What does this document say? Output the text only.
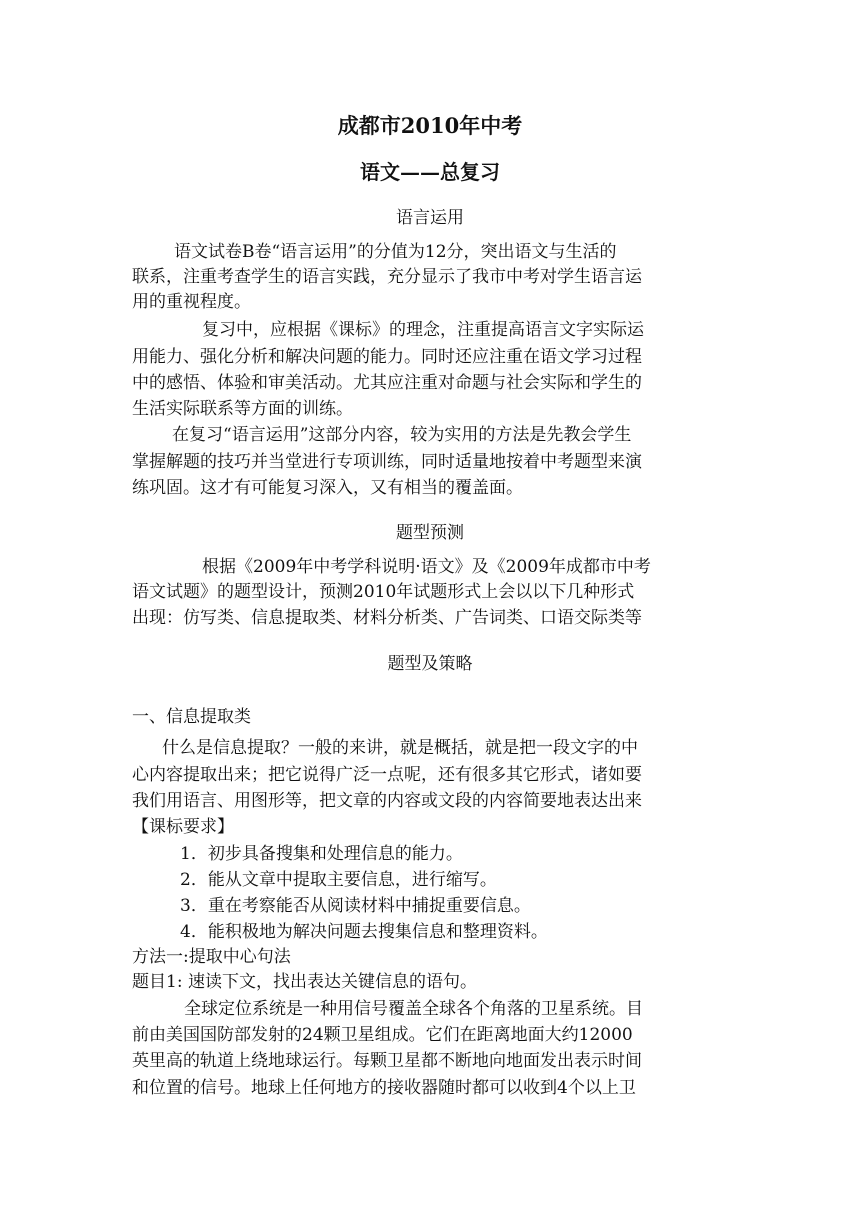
成都市2010年中考
语文——总复习
语言运用
语文试卷B卷“语言运用”的分值为12分，突出语文与生活的
联系，注重考查学生的语言实践，充分显示了我市中考对学生语言运
用的重视程度。
复习中，应根据《课标》的理念，注重提高语言文字实际运
用能力、强化分析和解决问题的能力。同时还应注重在语文学习过程
中的感悟、体验和审美活动。尤其应注重对命题与社会实际和学生的
生活实际联系等方面的训练。
在复习“语言运用”这部分内容，较为实用的方法是先教会学生
掌握解题的技巧并当堂进行专项训练，同时适量地按着中考题型来演
练巩固。这才有可能复习深入，又有相当的覆盖面。
题型预测
根据《2009年中考学科说明·语文》及《2009年成都市中考
语文试题》的题型设计，预测2010年试题形式上会以以下几种形式
出现：仿写类、信息提取类、材料分析类、广告词类、口语交际类等
题型及策略
一、信息提取类
什么是信息提取？一般的来讲，就是概括，就是把一段文字的中
心内容提取出来；把它说得广泛一点呢，还有很多其它形式，诸如要
我们用语言、用图形等，把文章的内容或文段的内容简要地表达出来
【课标要求】
1．初步具备搜集和处理信息的能力。
2．能从文章中提取主要信息，进行缩写。
3．重在考察能否从阅读材料中捕捉重要信息。
4．能积极地为解决问题去搜集信息和整理资料。
方法一:提取中心句法
题目1: 速读下文，找出表达关键信息的语句。
全球定位系统是一种用信号覆盖全球各个角落的卫星系统。目
前由美国国防部发射的24颗卫星组成。它们在距离地面大约12000
英里高的轨道上绕地球运行。每颗卫星都不断地向地面发出表示时间
和位置的信号。地球上任何地方的接收器随时都可以收到4个以上卫
